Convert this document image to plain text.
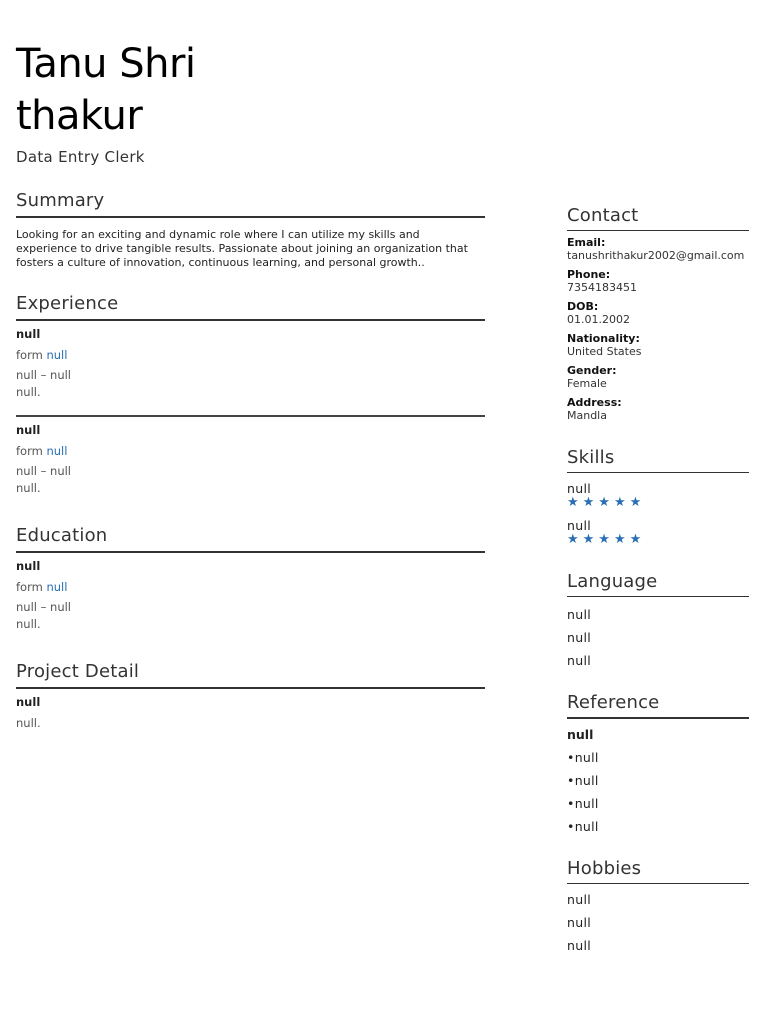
Tanu Shri
thakur
Data Entry Clerk
Summary
Looking for an exciting and dynamic role where I can utilize my skills and experience to drive tangible results. Passionate about joining an organization that fosters a culture of innovation, continuous learning, and personal growth..
Experience
null
form null
null – null
null.
null
form null
null – null
null.
Education
null
form null
null – null
null.
Project Detail
null
null.
Contact
Email:
tanushrithakur2002@gmail.com
Phone:
7354183451
DOB:
01.01.2002
Nationality:
United States
Gender:
Female
Address:
Mandla
Skills
null
★★★★★
null
★★★★★
Language
null
null
null
Reference
null
• null
• null
• null
• null
Hobbies
null
null
null
